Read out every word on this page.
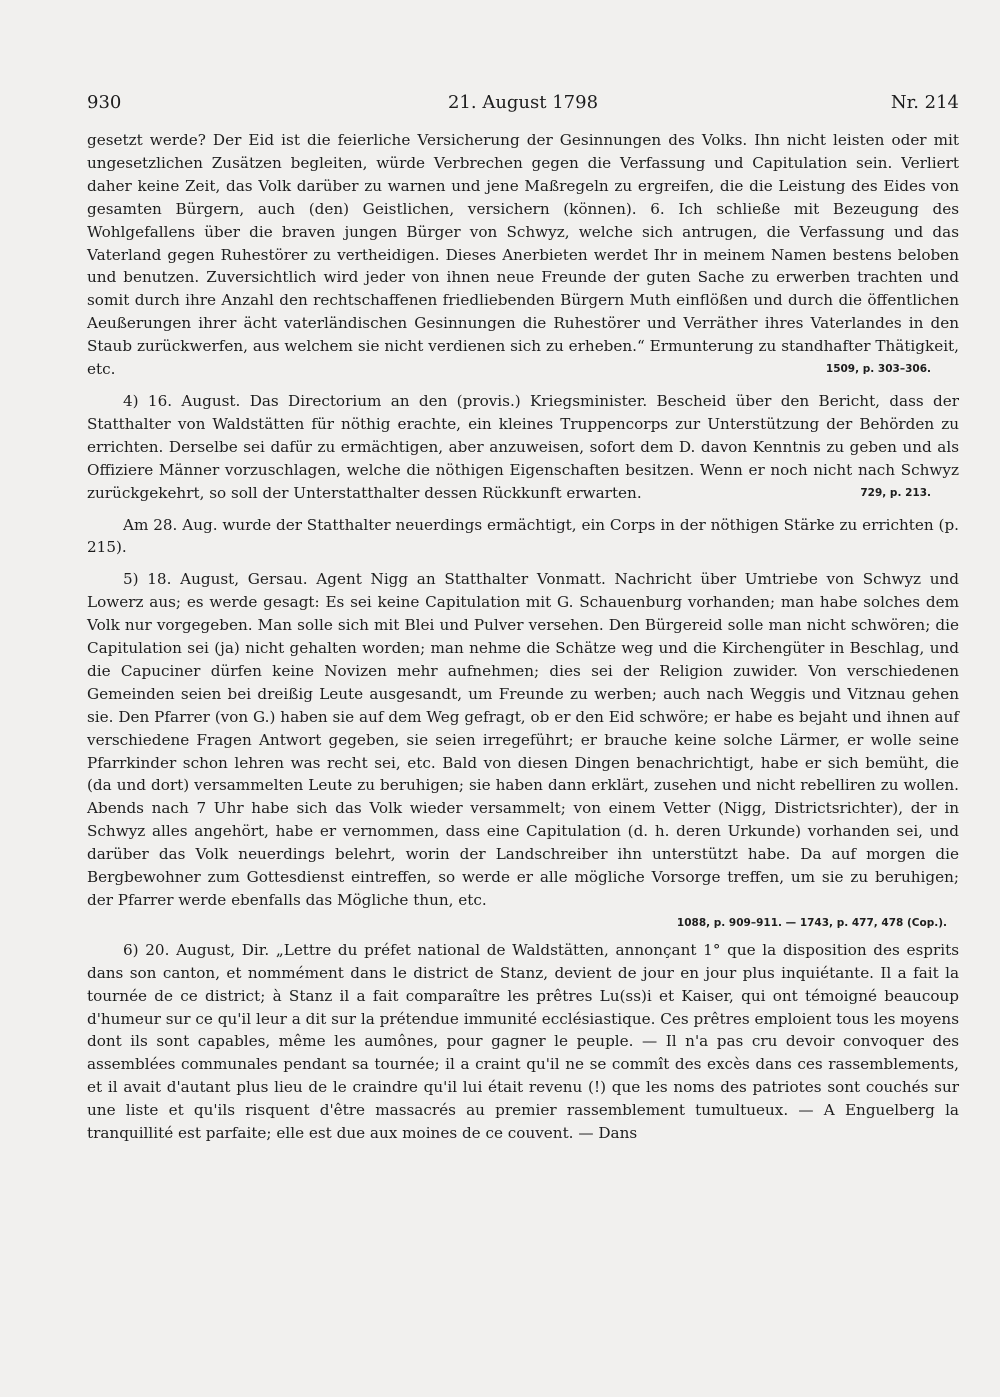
930	21. August 1798	Nr. 214

gesetzt werde? Der Eid ist die feierliche Versicherung der Gesinnungen des Volks. Ihn nicht leisten oder mit ungesetzlichen Zusätzen begleiten, würde Verbrechen gegen die Verfassung und Capitulation sein. Verliert daher keine Zeit, das Volk darüber zu warnen und jene Maßregeln zu ergreifen, die die Leistung des Eides von gesamten Bürgern, auch (den) Geistlichen, versichern (können). 6. Ich schließe mit Bezeugung des Wohlgefallens über die braven jungen Bürger von Schwyz, welche sich antrugen, die Verfassung und das Vaterland gegen Ruhestörer zu vertheidigen. Dieses Anerbieten werdet Ihr in meinem Namen bestens beloben und benutzen. Zuversichtlich wird jeder von ihnen neue Freunde der guten Sache zu erwerben trachten und somit durch ihre Anzahl den rechtschaffenen friedliebenden Bürgern Muth einflößen und durch die öffentlichen Aeußerungen ihrer ächt vaterländischen Gesinnungen die Ruhestörer und Verräther ihres Vaterlandes in den Staub zurückwerfen, aus welchem sie nicht verdienen sich zu erheben.“ Ermunterung zu standhafter Thätigkeit, etc.	1509, p. 303–306.

4) 16. August. Das Directorium an den (provis.) Kriegsminister. Bescheid über den Bericht, dass der Statthalter von Waldstätten für nöthig erachte, ein kleines Truppencorps zur Unterstützung der Behörden zu errichten. Derselbe sei dafür zu ermächtigen, aber anzuweisen, sofort dem D. davon Kenntnis zu geben und als Offiziere Männer vorzuschlagen, welche die nöthigen Eigenschaften besitzen. Wenn er noch nicht nach Schwyz zurückgekehrt, so soll der Unterstatthalter dessen Rückkunft erwarten.	729, p. 213.

Am 28. Aug. wurde der Statthalter neuerdings ermächtigt, ein Corps in der nöthigen Stärke zu errichten (p. 215).

5) 18. August, Gersau. Agent Nigg an Statthalter Vonmatt. Nachricht über Umtriebe von Schwyz und Lowerz aus; es werde gesagt: Es sei keine Capitulation mit G. Schauenburg vorhanden; man habe solches dem Volk nur vorgegeben. Man solle sich mit Blei und Pulver versehen. Den Bürgereid solle man nicht schwören; die Capitulation sei (ja) nicht gehalten worden; man nehme die Schätze weg und die Kirchengüter in Beschlag, und die Capuciner dürfen keine Novizen mehr aufnehmen; dies sei der Religion zuwider. Von verschiedenen Gemeinden seien bei dreißig Leute ausgesandt, um Freunde zu werben; auch nach Weggis und Vitznau gehen sie. Den Pfarrer (von G.) haben sie auf dem Weg gefragt, ob er den Eid schwöre; er habe es bejaht und ihnen auf verschiedene Fragen Antwort gegeben, sie seien irregeführt; er brauche keine solche Lärmer, er wolle seine Pfarrkinder schon lehren was recht sei, etc. Bald von diesen Dingen benachrichtigt, habe er sich bemüht, die (da und dort) versammelten Leute zu beruhigen; sie haben dann erklärt, zusehen und nicht rebelliren zu wollen. Abends nach 7 Uhr habe sich das Volk wieder versammelt; von einem Vetter (Nigg, Districtsrichter), der in Schwyz alles angehört, habe er vernommen, dass eine Capitulation (d. h. deren Urkunde) vorhanden sei, und darüber das Volk neuerdings belehrt, worin der Landschreiber ihn unterstützt habe. Da auf morgen die Bergbewohner zum Gottesdienst eintreffen, so werde er alle mögliche Vorsorge treffen, um sie zu beruhigen; der Pfarrer werde ebenfalls das Mögliche thun, etc.

1088, p. 909–911. — 1743, p. 477, 478 (Cop.).

6) 20. August, Dir. „Lettre du préfet national de Waldstätten, annonçant 1° que la disposition des esprits dans son canton, et nommément dans le district de Stanz, devient de jour en jour plus inquiétante. Il a fait la tournée de ce district; à Stanz il a fait comparaître les prêtres Lu(ss)i et Kaiser, qui ont témoigné beaucoup d'humeur sur ce qu'il leur a dit sur la prétendue immunité ecclésiastique. Ces prêtres emploient tous les moyens dont ils sont capables, même les aumônes, pour gagner le peuple. — Il n'a pas cru devoir convoquer des assemblées communales pendant sa tournée; il a craint qu'il ne se commît des excès dans ces rassemblements, et il avait d'autant plus lieu de le craindre qu'il lui était revenu (!) que les noms des patriotes sont couchés sur une liste et qu'ils risquent d'être massacrés au premier rassemblement tumultueux. — A Enguelberg la tranquillité est parfaite; elle est due aux moines de ce couvent. — Dans
